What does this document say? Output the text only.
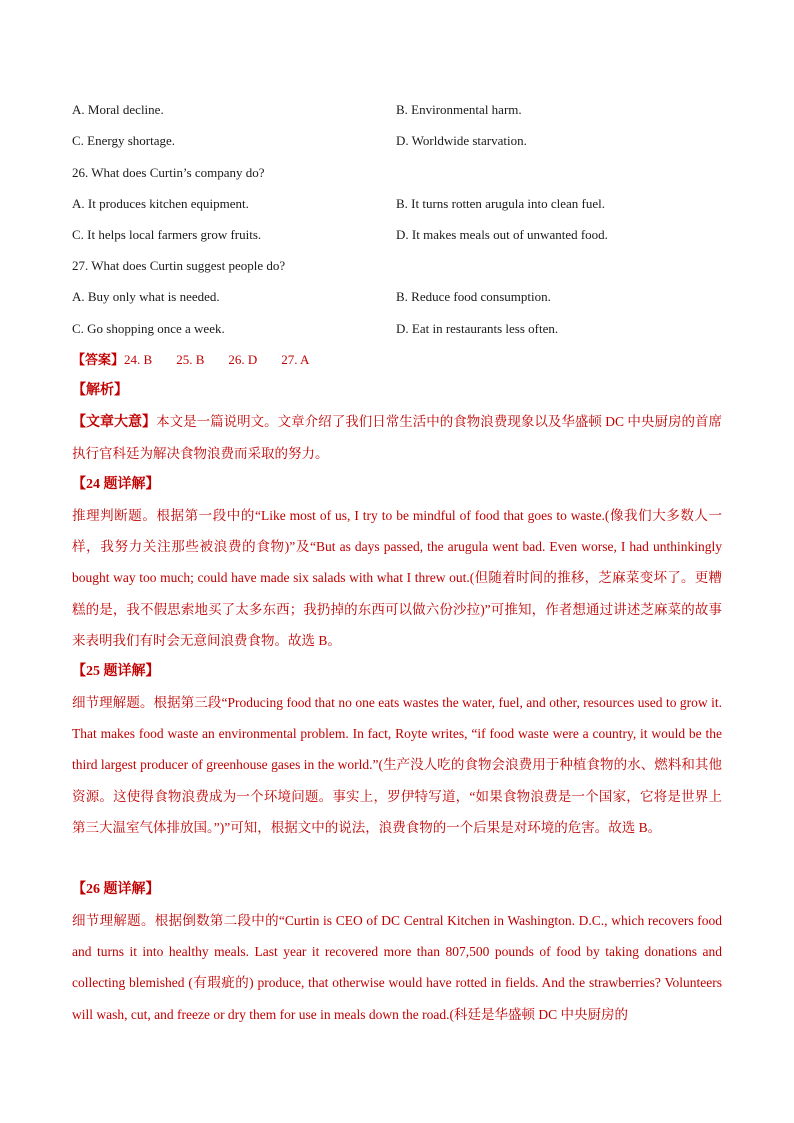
A. Moral decline.	B. Environmental harm.
C. Energy shortage.	D. Worldwide starvation.
26. What does Curtin’s company do?
A. It produces kitchen equipment.	B. It turns rotten arugula into clean fuel.
C. It helps local farmers grow fruits.	D. It makes meals out of unwanted food.
27. What does Curtin suggest people do?
A. Buy only what is needed.	B. Reduce food consumption.
C. Go shopping once a week.	D. Eat in restaurants less often.
【答案】24. B 25. B 26. D 27. A
【解析】
【文章大意】本文是一篇说明文。文章介绍了我们日常生活中的食物浪费现象以及华盛顿 DC 中央厨房的首席执行官科廷为解决食物浪费而采取的努力。
【24 题详解】
推理判断题。根据第一段中的“Like most of us, I try to be mindful of food that goes to waste.(像我们大多数人一样，我努力关注那些被浪费的食物)”及“But as days passed, the arugula went bad. Even worse, I had unthinkingly bought way too much; could have made six salads with what I threw out.(但随着时间的推移，芝麻菜变坏了。更糟糕的是，我不假思索地买了太多东西；我扔掉的东西可以做六份沙拉)”可推知，作者想通过讲述芝麻菜的故事来表明我们有时会无意间浪费食物。故选 B。
【25 题详解】
细节理解题。根据第三段“Producing food that no one eats wastes the water, fuel, and other, resources used to grow it. That makes food waste an environmental problem. In fact, Royte writes, “if food waste were a country, it would be the third largest producer of greenhouse gases in the world.”(生产没人吃的食物会浪费用于种植食物的水、燃料和其他资源。这使得食物浪费成为一个环境问题。事实上，罗伊特写道，“如果食物浪费是一个国家，它将是世界上第三大温室气体排放国。”)”可知，根据文中的说法，浪费食物的一个后果是对环境的危害。故选 B。
【26 题详解】
细节理解题。根据倒数第二段中的“Curtin is CEO of DC Central Kitchen in Washington. D.C., which recovers food and turns it into healthy meals. Last year it recovered more than 807,500 pounds of food by taking donations and collecting blemished (有瑕疵的) produce, that otherwise would have rotted in fields. And the strawberries? Volunteers will wash, cut, and freeze or dry them for use in meals down the road.(科廷是华盛顿 DC 中央厨房的
